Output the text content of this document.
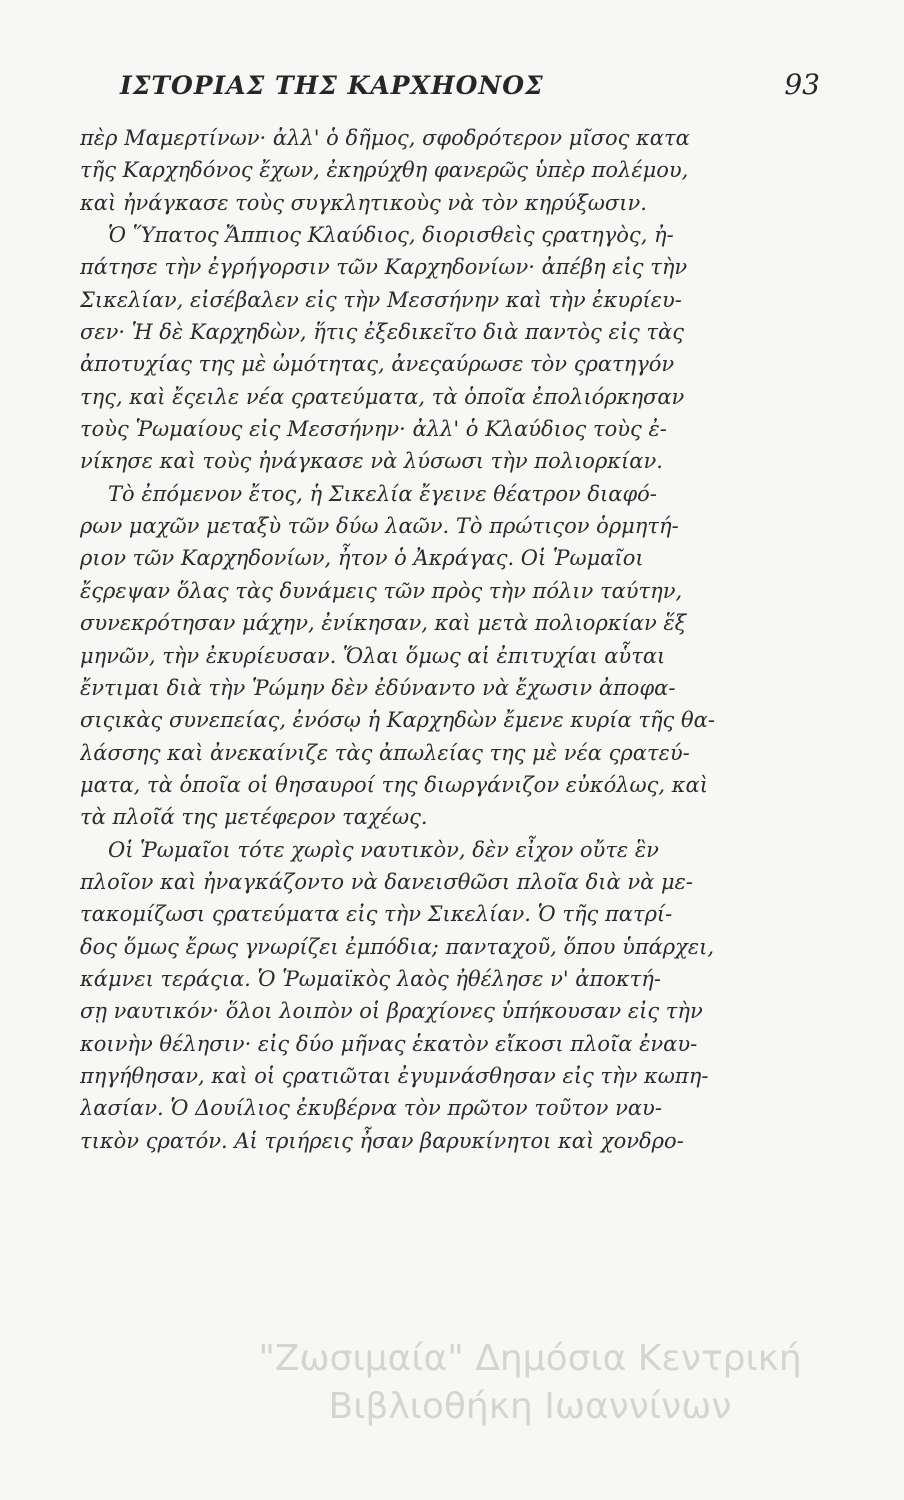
ΙΣΤΟΡΙΑΣ ΤΗΣ ΚΑΡΧΗΟΝΟΣ	93
πὲρ Μαμερτίνων· ἀλλ' ὁ δῆμος, σφοδρότερον μῖσος κατα
τῆς Καρχηδόνος ἔχων, ἐκηρύχθη φανερῶς ὑπὲρ πολέμου,
καὶ ἠνάγκασε τοὺς συγκλητικοὺς νὰ τὸν κηρύξωσιν.
Ὁ Ὕπατος Ἄππιος Κλαύδιος, διορισθεὶς ςρατηγὸς, ἠ-
πάτησε τὴν ἐγρήγορσιν τῶν Καρχηδονίων· ἀπέβη εἰς τὴν
Σικελίαν, εἰσέβαλεν εἰς τὴν Μεσσήνην καὶ τὴν ἐκυρίευ-
σεν· Ἡ δὲ Καρχηδὼν, ἥτις ἐξεδικεῖτο διὰ παντὸς εἰς τὰς
ἀποτυχίας της μὲ ὠμότητας, ἀνεςαύρωσε τὸν ςρατηγόν
της, καὶ ἔςειλε νέα ςρατεύματα, τὰ ὁποῖα ἐπολιόρκησαν
τοὺς Ῥωμαίους εἰς Μεσσήνην· ἀλλ' ὁ Κλαύδιος τοὺς ἐ-
νίκησε καὶ τοὺς ἠνάγκασε νὰ λύσωσι τὴν πολιορκίαν.
Τὸ ἐπόμενον ἔτος, ἡ Σικελία ἔγεινε θέατρον διαφό-
ρων μαχῶν μεταξὺ τῶν δύω λαῶν. Τὸ πρώτιςον ὁρμητή-
ριον τῶν Καρχηδονίων, ἦτον ὁ Ἀκράγας. Οἱ Ῥωμαῖοι
ἔςρεψαν ὅλας τὰς δυνάμεις τῶν πρὸς τὴν πόλιν ταύτην,
συνεκρότησαν μάχην, ἐνίκησαν, καὶ μετὰ πολιορκίαν ἕξ
μηνῶν, τὴν ἐκυρίευσαν. Ὅλαι ὅμως αἱ ἐπιτυχίαι αὗται
ἔντιμαι διὰ τὴν Ῥώμην δὲν ἐδύναντο νὰ ἔχωσιν ἀποφα-
σιςικὰς συνεπείας, ἐνόσῳ ἡ Καρχηδὼν ἔμενε κυρία τῆς θα-
λάσσης καὶ ἀνεκαίνιζε τὰς ἀπωλείας της μὲ νέα ςρατεύ-
ματα, τὰ ὁποῖα οἱ θησαυροί της διωργάνιζον εὐκόλως, καὶ
τὰ πλοῖά της μετέφερον ταχέως.
Οἱ Ῥωμαῖοι τότε χωρὶς ναυτικὸν, δὲν εἶχον οὔτε ἓν
πλοῖον καὶ ἠναγκάζοντο νὰ δανεισθῶσι πλοῖα διὰ νὰ με-
τακομίζωσι ςρατεύματα εἰς τὴν Σικελίαν. Ὁ τῆς πατρί-
δος ὅμως ἔρως γνωρίζει ἐμπόδια; πανταχοῦ, ὅπου ὑπάρχει,
κάμνει τεράςια. Ὁ Ῥωμαϊκὸς λαὸς ἠθέλησε ν' ἀποκτή-
σῃ ναυτικόν· ὅλοι λοιπὸν οἱ βραχίονες ὑπήκουσαν εἰς τὴν
κοινὴν θέλησιν· εἰς δύο μῆνας ἑκατὸν εἴκοσι πλοῖα ἐναυ-
πηγήθησαν, καὶ οἱ ςρατιῶται ἐγυμνάσθησαν εἰς τὴν κωπη-
λασίαν. Ὁ Δουίλιος ἐκυβέρνα τὸν πρῶτον τοῦτον ναυ-
τικὸν ςρατόν. Αἱ τριήρεις ἦσαν βαρυκίνητοι καὶ χονδρο-
"Ζωσιμαία" Δημόσια Κεντρική
Βιβλιοθήκη Ιωαννίνων
